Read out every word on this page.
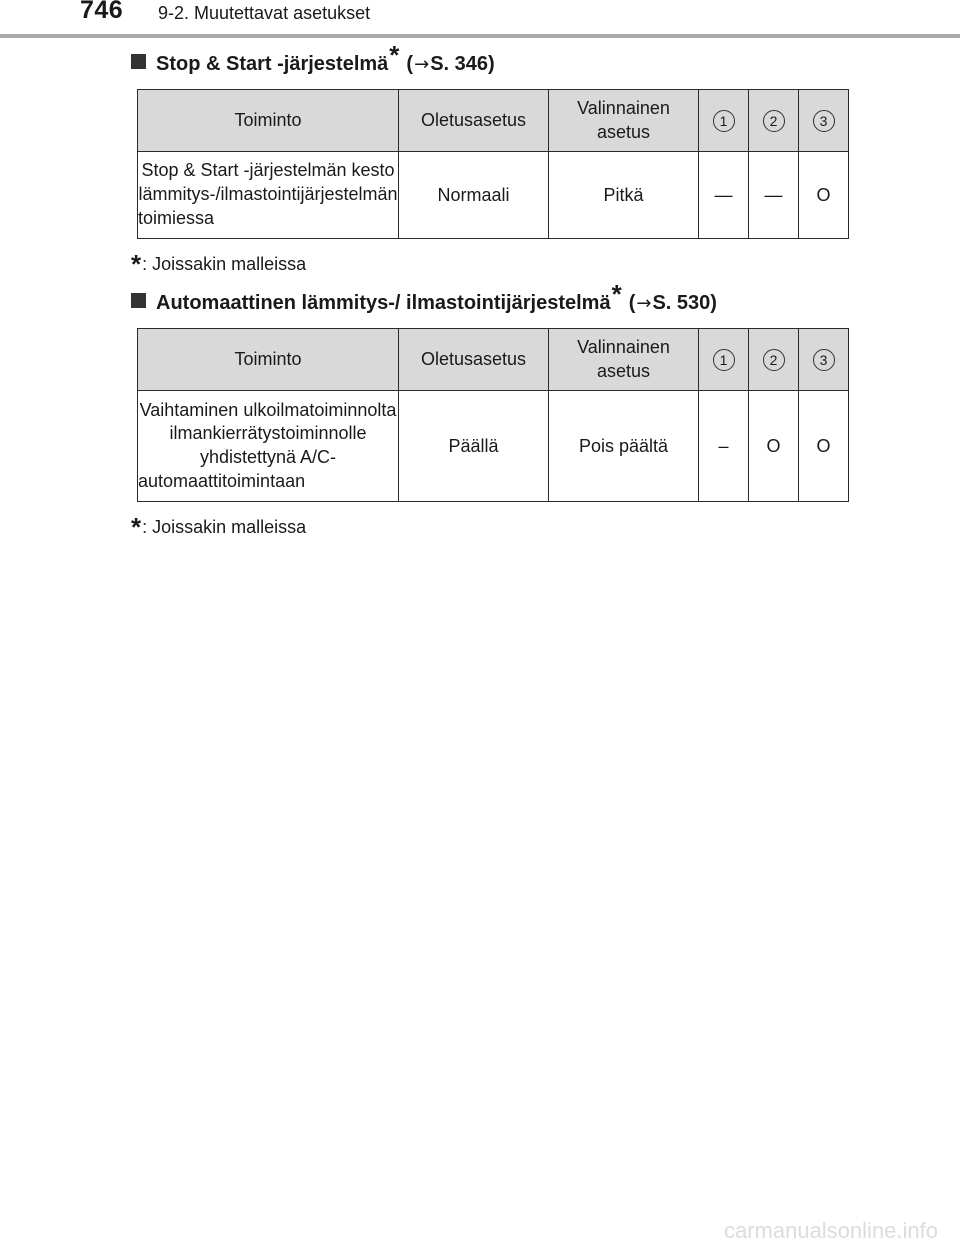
746 9-2. Muutettavat asetukset
Stop & Start -järjestelmä * ( → S. 346)
Toiminto	Oletusasetus	Valinnainen asetus	1	2	3
Stop & Start -järjestelmän kesto lämmitys-/ilmastointijärjestelmän toimiessa	Normaali	Pitkä	—	—	O
*: Joissakin malleissa
Automaattinen lämmitys-/ ilmastointijärjestelmä * ( → S. 530)
Toiminto	Oletusasetus	Valinnainen asetus	1	2	3
Vaihtaminen ulkoilmatoiminnolta ilmankierrätystoiminnolle yhdistettynä A/C-automaattitoimintaan	Päällä	Pois päältä	–	O	O
*: Joissakin malleissa
carmanualsonline.info
